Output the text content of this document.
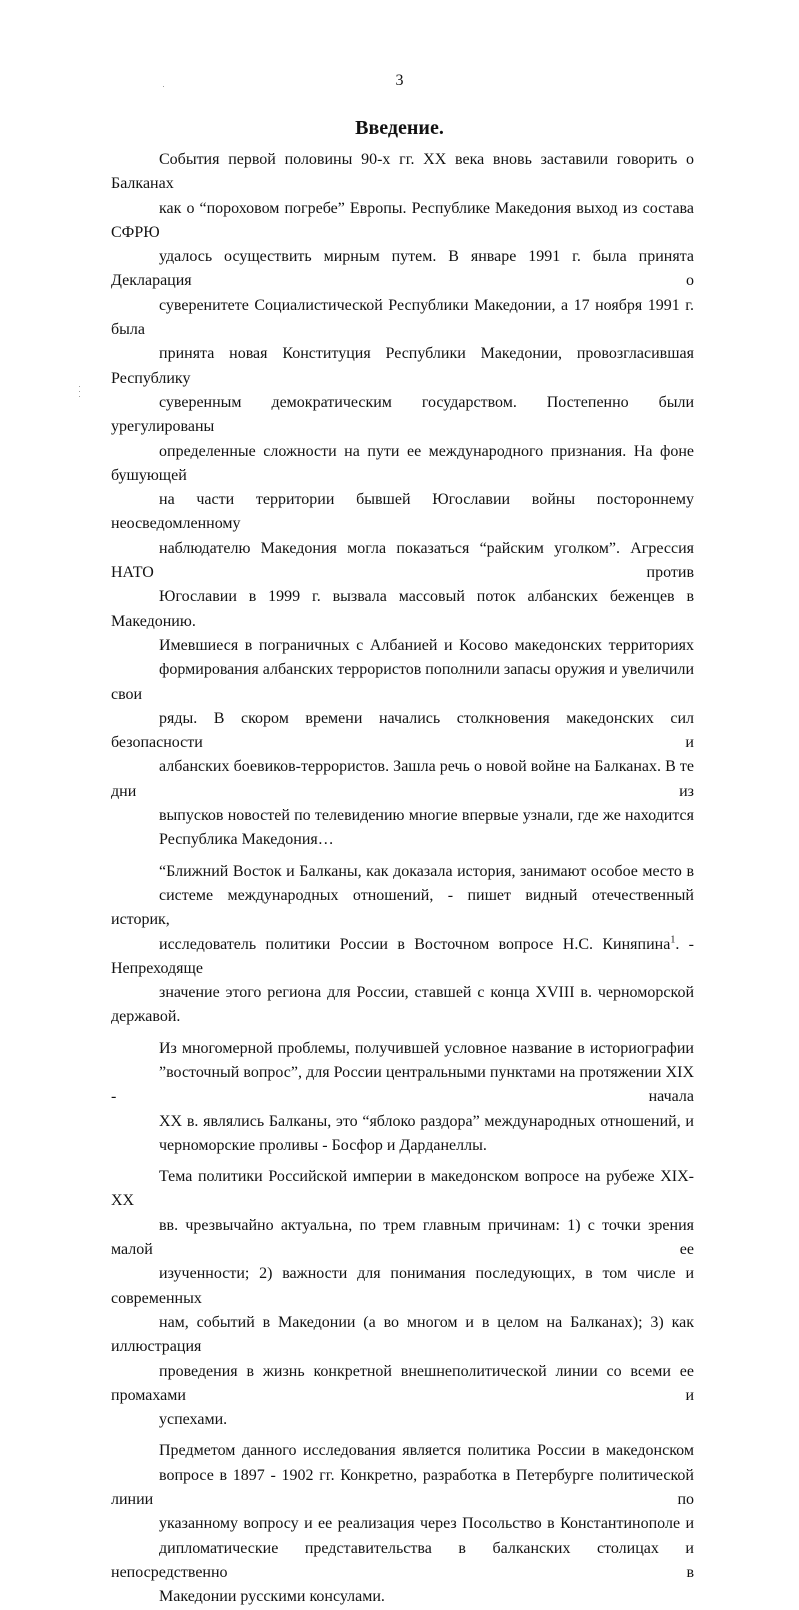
3
Введение.

События первой половины 90-х гг. XX века вновь заставили говорить о Балканах
как о “пороховом погребе” Европы. Республике Македония выход из состава СФРЮ
удалось осуществить мирным путем. В январе 1991 г. была принята Декларация о
суверенитете Социалистической Республики Македонии, а 17 ноября 1991 г. была
принята новая Конституция Республики Македонии, провозгласившая Республику
суверенным демократическим государством. Постепенно были урегулированы
определенные сложности на пути ее международного признания. На фоне бушующей
на части территории бывшей Югославии войны постороннему неосведомленному
наблюдателю Македония могла показаться “райским уголком”. Агрессия НАТО против
Югославии в 1999 г. вызвала массовый поток албанских беженцев в Македонию.
Имевшиеся в пограничных с Албанией и Косово македонских территориях
формирования албанских террористов пополнили запасы оружия и увеличили свои
ряды. В скором времени начались столкновения македонских сил безопасности и
албанских боевиков-террористов. Зашла речь о новой войне на Балканах. В те дни из
выпусков новостей по телевидению многие впервые узнали, где же находится
Республика Македония…

“Ближний Восток и Балканы, как доказала история, занимают особое место в
системе международных отношений, - пишет видный отечественный историк,
исследователь политики России в Восточном вопросе Н.С. Киняпина$^1$. - Непреходяще
значение этого региона для России, ставшей с конца XVIII в. черноморской державой.

Из многомерной проблемы, получившей условное название в историографии
”восточный вопрос”, для России центральными пунктами на протяжении XIX - начала
XX в. являлись Балканы, это “яблоко раздора” международных отношений, и
черноморские проливы - Босфор и Дарданеллы.

Тема политики Российской империи в македонском вопросе на рубеже XIX-XX
вв. чрезвычайно актуальна, по трем главным причинам: 1) с точки зрения малой ее
изученности; 2) важности для понимания последующих, в том числе и современных
нам, событий в Македонии (а во многом и в целом на Балканах); 3) как иллюстрация
проведения в жизнь конкретной внешнеполитической линии со всеми ее промахами и
успехами.

Предметом данного исследования является политика России в македонском
вопросе в 1897 - 1902 гг. Конкретно, разработка в Петербурге политической линии по
указанному вопросу и ее реализация через Посольство в Константинополе и
дипломатические представительства в балканских столицах и непосредственно в
Македонии русскими консулами.
